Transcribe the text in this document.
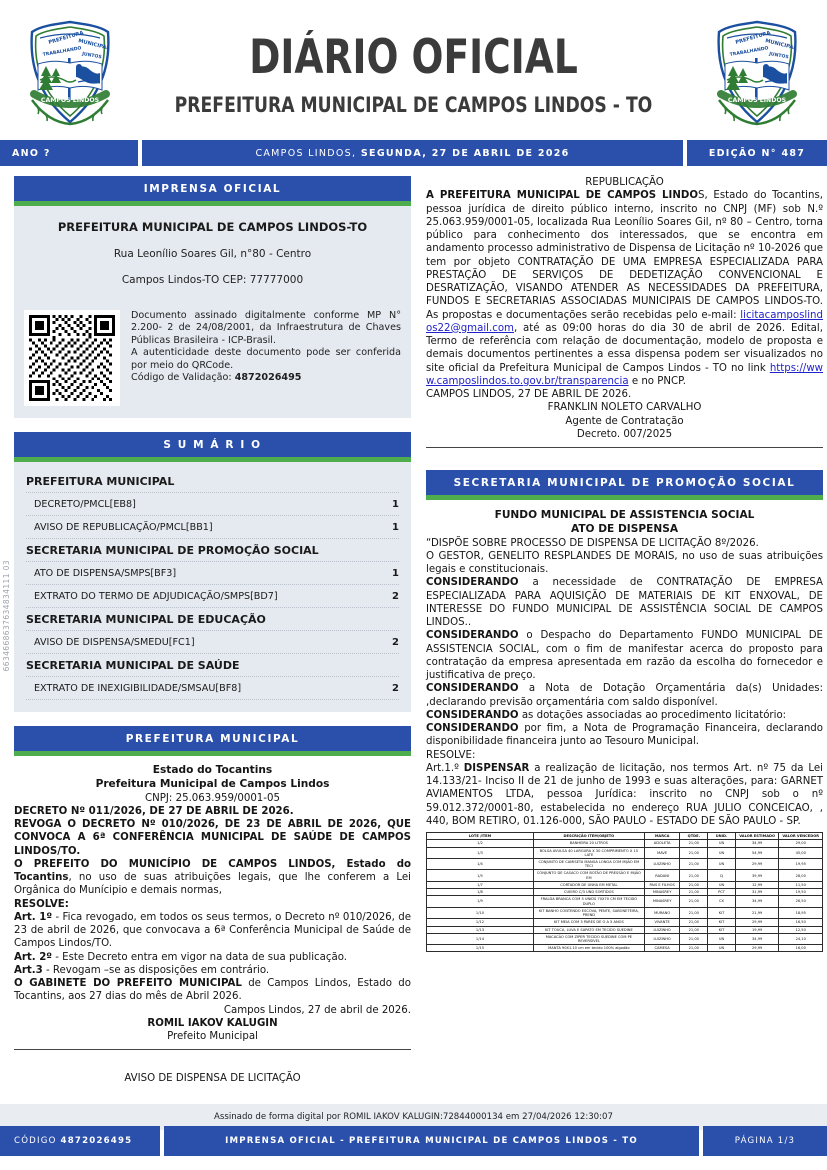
PREFEITURA
MUNICIPAL
TRABALHANDO JUNTOS
CAMPOS LINDOS
DIÁRIO OFICIAL
PREFEITURA MUNICIPAL DE CAMPOS LINDOS - TO
PREFEITURA
MUNICIPAL
TRABALHANDO JUNTOS
CAMPOS LINDOS
ANO ?	CAMPOS LINDOS,
SEGUNDA, 27 DE ABRIL DE 2026	EDIÇÃO N° 487
IMPRENSA OFICIAL
PREFEITURA MUNICIPAL DE CAMPOS LINDOS-TO
Rua Leonílio Soares Gil, n°80 - Centro
Campos Lindos-TO CEP: 77777000
Documento assinado digitalmente conforme MP N° 2.200- 2 de 24/08/2001, da Infraestrutura de Chaves Públicas Brasileira - ICP-Brasil.
A autenticidade deste documento pode ser conferida por meio do QRCode.
Código de Validação: 4872026495
S U M Á R I O
PREFEITURA MUNICIPAL
DECRETO/PMCL[EB8]	1
AVISO DE REPUBLICAÇÃO/PMCL[BB1]	1
SECRETARIA MUNICIPAL DE PROMOÇÃO SOCIAL
ATO DE DISPENSA/SMPS[BF3]	1
EXTRATO DO TERMO DE ADJUDICAÇÃO/SMPS[BD7]	2
SECRETARIA MUNICIPAL DE EDUCAÇÃO
AVISO DE DISPENSA/SMEDU[FC1]	2
SECRETARIA MUNICIPAL DE SAÚDE
EXTRATO DE INEXIGIBILIDADE/SMSAU[BF8]	2
PREFEITURA MUNICIPAL

Estado do Tocantins

Prefeitura Municipal de Campos Lindos

CNPJ: 25.063.959/0001-05

DECRETO Nº 011/2026, DE 27 DE ABRIL DE 2026.

REVOGA O DECRETO Nº 010/2026, DE 23 DE ABRIL DE 2026, QUE CONVOCA A 6ª CONFERÊNCIA MUNICIPAL DE SAÚDE DE CAMPOS LINDOS/TO.

O PREFEITO DO MUNICÍPIO DE CAMPOS LINDOS, Estado do Tocantins, no uso de suas atribuições legais, que lhe conferem a Lei Orgânica do Munícipio e demais normas,

RESOLVE:

Art. 1º - Fica revogado, em todos os seus termos, o Decreto nº 010/2026, de 23 de abril de 2026, que convocava a 6ª Conferência Municipal de Saúde de Campos Lindos/TO.

Art. 2º - Este Decreto entra em vigor na data de sua publicação.

Art.3 - Revogam –se as disposições em contrário.

O GABINETE DO PREFEITO MUNICIPAL de Campos Lindos, Estado do Tocantins, aos 27 dias do mês de Abril 2026.

Campos Lindos, 27 de abril de 2026.

ROMIL IAKOV KALUGIN

Prefeito Municipal

AVISO DE DISPENSA DE LICITAÇÃO

REPUBLICAÇÃO

A PREFEITURA MUNICIPAL DE CAMPOS LINDOS, Estado do Tocantins, pessoa jurídica de direito público interno, inscrito no CNPJ (MF) sob N.º 25.063.959/0001-05, localizada Rua Leonílio Soares Gil, nº 80 – Centro, torna público para conhecimento dos interessados, que se encontra em andamento processo administrativo de Dispensa de Licitação nº 10-2026 que tem por objeto CONTRATAÇÃO DE UMA EMPRESA ESPECIALIZADA PARA PRESTAÇÃO DE SERVIÇOS DE DEDETIZAÇÃO CONVENCIONAL E DESRATIZAÇÃO, VISANDO ATENDER AS NECESSIDADES DA PREFEITURA, FUNDOS E SECRETARIAS ASSOCIADAS MUNICIPAIS DE CAMPOS LINDOS-TO. As propostas e documentações serão recebidas pelo e-mail: licitacamposlindos22@gmail.com, até as 09:00 horas do dia 30 de abril de 2026. Edital, Termo de referência com relação de documentação, modelo de proposta e demais documentos pertinentes a essa dispensa podem ser visualizados no site oficial da Prefeitura Municipal de Campos Lindos - TO no link https://www.camposlindos.to.gov.br/transparencia e no PNCP.

CAMPOS LINDOS, 27 DE ABRIL DE 2026.

FRANKLIN NOLETO CARVALHO

Agente de Contratação

Decreto. 007/2025

SECRETARIA MUNICIPAL DE PROMOÇÃO SOCIAL

FUNDO MUNICIPAL DE ASSISTENCIA SOCIAL

ATO DE DISPENSA

“DISPÕE SOBRE PROCESSO DE DISPENSA DE LICITAÇÃO 8º/2026.

O GESTOR, GENELITO RESPLANDES DE MORAIS, no uso de suas atribuições legais e constitucionais.

CONSIDERANDO a necessidade de CONTRATAÇÃO DE EMPRESA ESPECIALIZADA PARA AQUISIÇÃO DE MATERIAIS DE KIT ENXOVAL, DE INTERESSE DO FUNDO MUNICIPAL DE ASSISTÊNCIA SOCIAL DE CAMPOS LINDOS..

CONSIDERANDO o Despacho do Departamento FUNDO MUNICIPAL DE ASSISTENCIA SOCIAL, com o fim de manifestar acerca do proposto para contratação da empresa apresentada em razão da escolha do fornecedor e justificativa de preço.

CONSIDERANDO a Nota de Dotação Orçamentária da(s) Unidades: ,declarando previsão orçamentária com saldo disponível.

CONSIDERANDO as dotações associadas ao procedimento licitatório:

CONSIDERANDO por fim, a Nota de Programação Financeira, declarando disponibilidade financeira junto ao Tesouro Municipal.

RESOLVE:

Art.1.º DISPENSAR a realização de licitação, nos termos Art. nº 75 da Lei 14.133/21- Inciso II de 21 de junho de 1993 e suas alterações, para: GARNET AVIAMENTOS LTDA, pessoa Jurídica: inscrito no CNPJ sob o nº 59.012.372/0001-80, estabelecida no endereço RUA JULIO CONCEICAO, , 440, BOM RETIRO, 01.126-000, SÃO PAULO - ESTADO DE SÃO PAULO - SP.

LOTE /ITEM	DESCRIÇÃO ITEM/OBJETO	MARCA	QTDE.	UNID.	VALOR ESTIMADO	VALOR VENCEDOR
1/2	BANHEIRA 20 LITROS	ADOLETA	21,00	UN	34,99	29,00
1/3	BOLSA AVULSA 40 LARGURA X 30 COMPRIMENTO X 15 LATE	MAVE	21,00	UN	54,99	45,00
1/4	CONJUNTO DE CAMISETA MANGA LONGA COM MIJÃO EM TECI	LUIZINHO	21,00	UN	29,99	19,95
1/5	CONJUNTO DE CASACO COM BOTÃO DE PRESSÃO E MIJÃO EM	RADANI	21,00	CJ	39,99	28,00
1/7	CORTADOR DE UNHA EM METAL	PAIS E FILHOS	21,00	UN	12,99	11,50
1/8	CUEIRO C/3 UND SORTIDOS	MINASREY	21,00	PCT	31,99	19,50
1/9	FRALDA BRANCA COM 5 UNIDS 70X70 CM EM TECIDO DUPLO	MINASREY	21,00	CX	34,99	26,50
1/10	KIT BANHO CONTENDO ESCOVA, PENTE, SABONETEIRA, PREND	MURANO	21,00	KIT	21,99	18,95
1/12	KIT MEIA COM 3 PARES DE O A 5 ANOS	VIVANTE	21,00	KIT	29,99	16,50
1/13	KIT TOUCA, LUVA E SAPATO EM TECIDO SUEDINE	LUIZINHO	21,00	KIT	19,99	12,50
1/14	MACACÃO COM ZIPER TECIDO SUEDINE COM PE REVERSIVEL	LUIZINHO	21,00	UN	34,99	24,10
1/15	MANTA 90X1.10 cm em tecido 100% algodão	CAMESA	21,00	UN	29,99	16,00
6634668637634834111 03
Assinado de forma digital por ROMIL IAKOV KALUGIN:72844000134 em 27/04/2026 12:30:07
CÓDIGO 4872026495	IMPRENSA OFICIAL - PREFEITURA MUNICIPAL DE CAMPOS LINDOS - TO	PÁGINA 1/3
